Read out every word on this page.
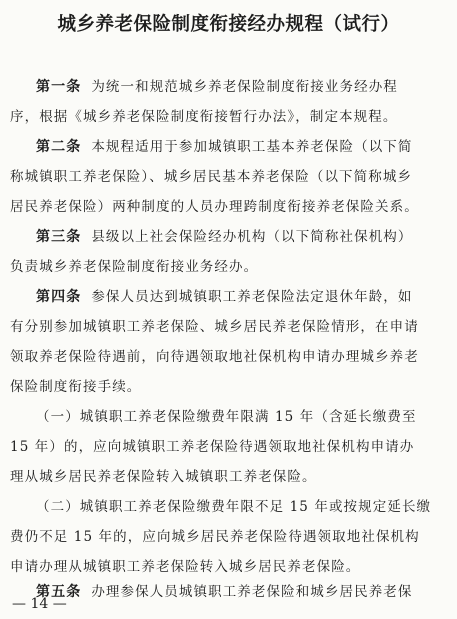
城乡养老保险制度衔接经办规程（试行）
第一条 为统一和规范城乡养老保险制度衔接业务经办程
序，根据《城乡养老保险制度衔接暂行办法》，制定本规程。
第二条 本规程适用于参加城镇职工基本养老保险（以下简
称城镇职工养老保险）、城乡居民基本养老保险（以下简称城乡
居民养老保险）两种制度的人员办理跨制度衔接养老保险关系。
第三条 县级以上社会保险经办机构（以下简称社保机构）
负责城乡养老保险制度衔接业务经办。
第四条 参保人员达到城镇职工养老保险法定退休年龄，如
有分别参加城镇职工养老保险、城乡居民养老保险情形，在申请
领取养老保险待遇前，向待遇领取地社保机构申请办理城乡养老
保险制度衔接手续。
（一）城镇职工养老保险缴费年限满 15 年（含延长缴费至
15 年）的，应向城镇职工养老保险待遇领取地社保机构申请办
理从城乡居民养老保险转入城镇职工养老保险。
（二）城镇职工养老保险缴费年限不足 15 年或按规定延长缴
费仍不足 15 年的，应向城乡居民养老保险待遇领取地社保机构
申请办理从城镇职工养老保险转入城乡居民养老保险。
第五条 办理参保人员城镇职工养老保险和城乡居民养老保
— 14 —
